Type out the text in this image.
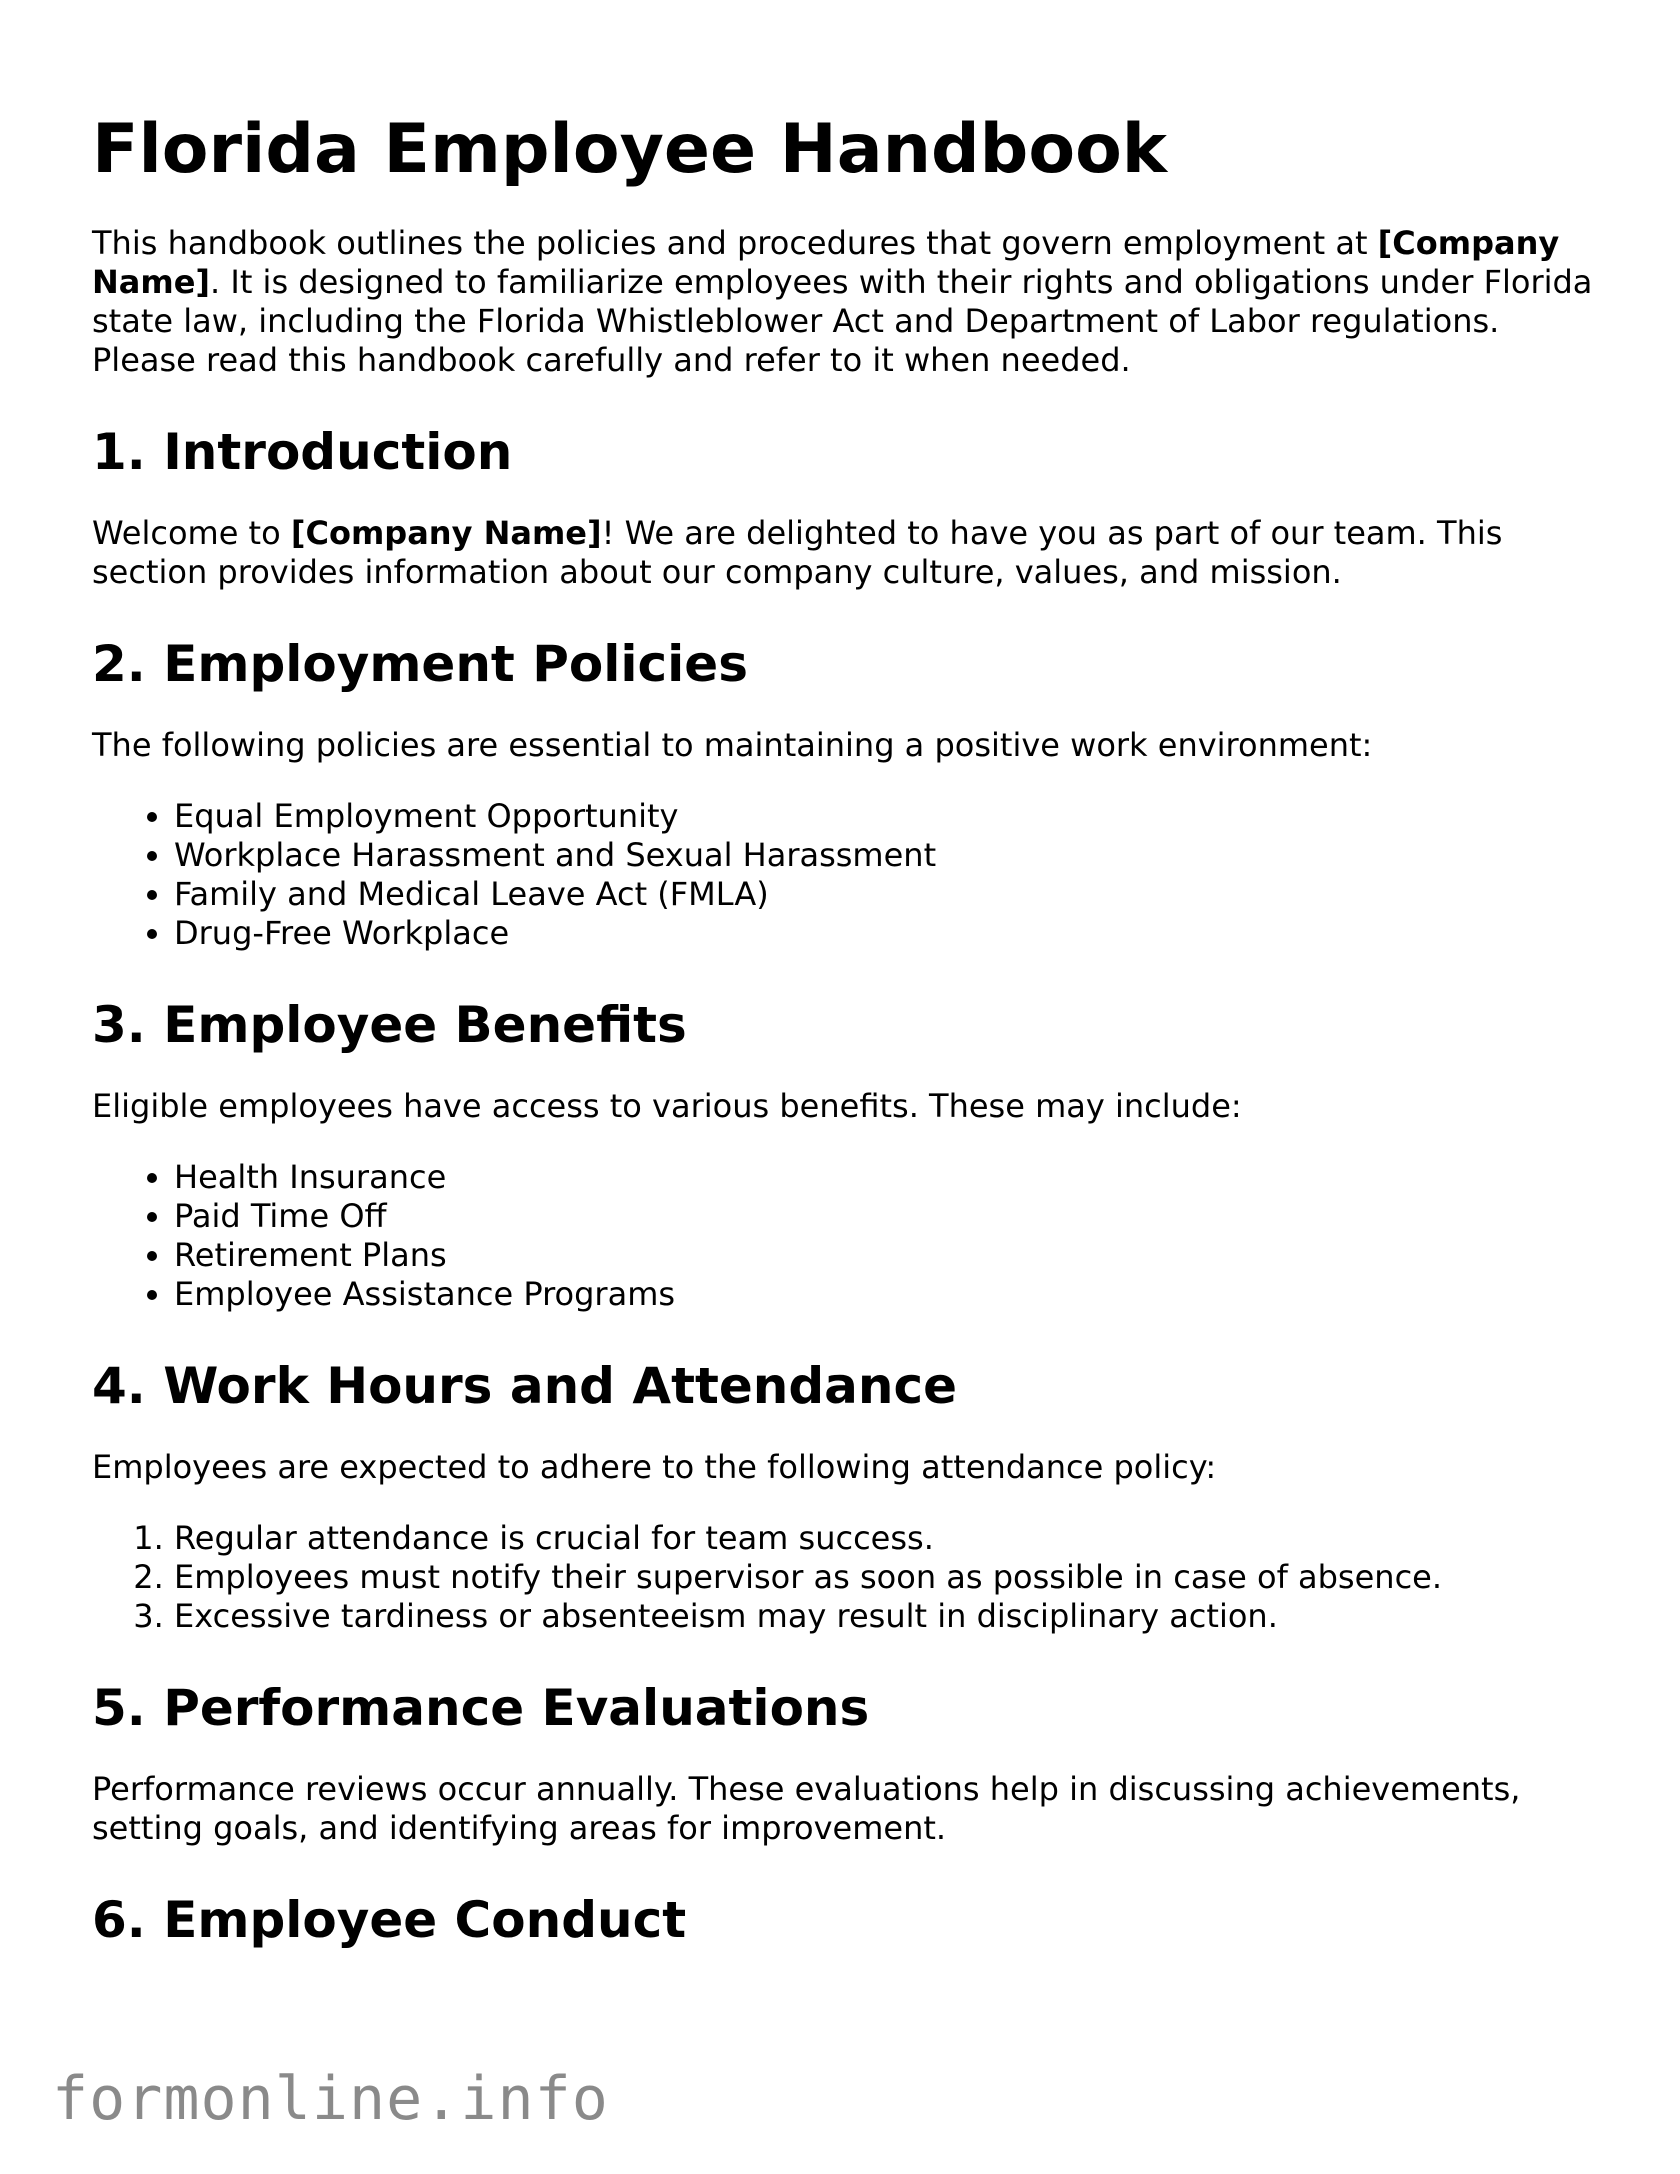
Florida Employee Handbook

This handbook outlines the policies and procedures that govern employment at [Company Name]. It is designed to familiarize employees with their rights and obligations under Florida state law, including the Florida Whistleblower Act and Department of Labor regulations. Please read this handbook carefully and refer to it when needed.

1. Introduction

Welcome to [Company Name]! We are delighted to have you as part of our team. This section provides information about our company culture, values, and mission.

2. Employment Policies

The following policies are essential to maintaining a positive work environment:

• Equal Employment Opportunity
• Workplace Harassment and Sexual Harassment
• Family and Medical Leave Act (FMLA)
• Drug-Free Workplace
3. Employee Benefits

Eligible employees have access to various benefits. These may include:

• Health Insurance
• Paid Time Off
• Retirement Plans
• Employee Assistance Programs
4. Work Hours and Attendance

Employees are expected to adhere to the following attendance policy:

1. Regular attendance is crucial for team success.
2. Employees must notify their supervisor as soon as possible in case of absence.
3. Excessive tardiness or absenteeism may result in disciplinary action.
5. Performance Evaluations

Performance reviews occur annually. These evaluations help in discussing achievements, setting goals, and identifying areas for improvement.

6. Employee Conduct
formonline.info
